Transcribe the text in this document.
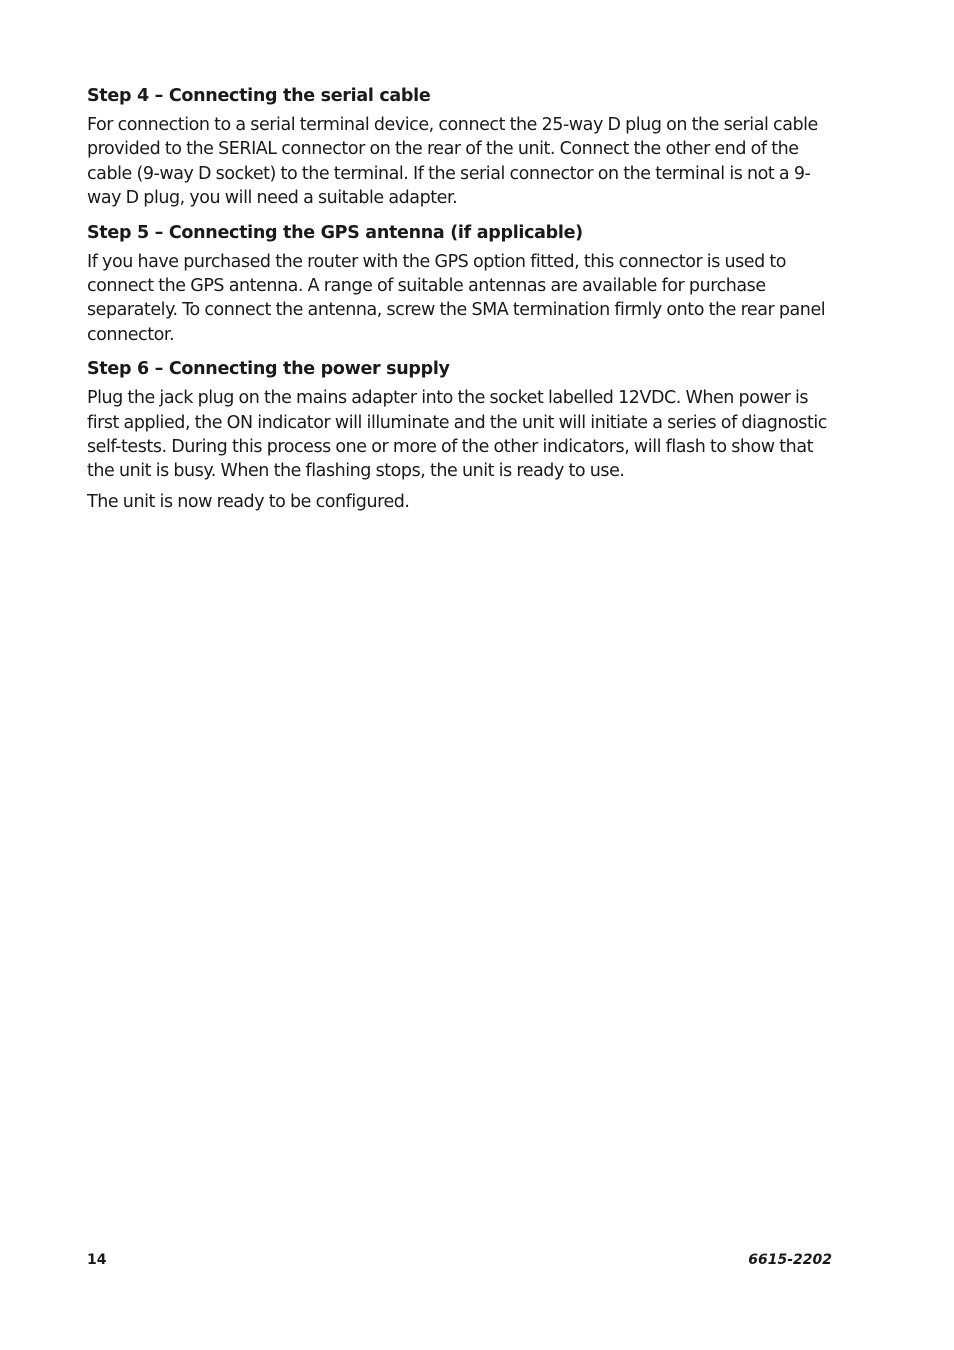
Step 4 – Connecting the serial cable

For connection to a serial terminal device, connect the 25-way D plug on the serial cable provided to the SERIAL connector on the rear of the unit. Connect the other end of the cable (9-way D socket) to the terminal. If the serial connector on the terminal is not a 9-way D plug, you will need a suitable adapter.

Step 5 – Connecting the GPS antenna (if applicable)

If you have purchased the router with the GPS option fitted, this connector is used to connect the GPS antenna. A range of suitable antennas are available for purchase separately. To connect the antenna, screw the SMA termination firmly onto the rear panel connector.

Step 6 – Connecting the power supply

Plug the jack plug on the mains adapter into the socket labelled 12VDC. When power is first applied, the ON indicator will illuminate and the unit will initiate a series of diagnostic self-tests. During this process one or more of the other indicators, will flash to show that the unit is busy. When the flashing stops, the unit is ready to use.

The unit is now ready to be configured.

14	6615-2202
